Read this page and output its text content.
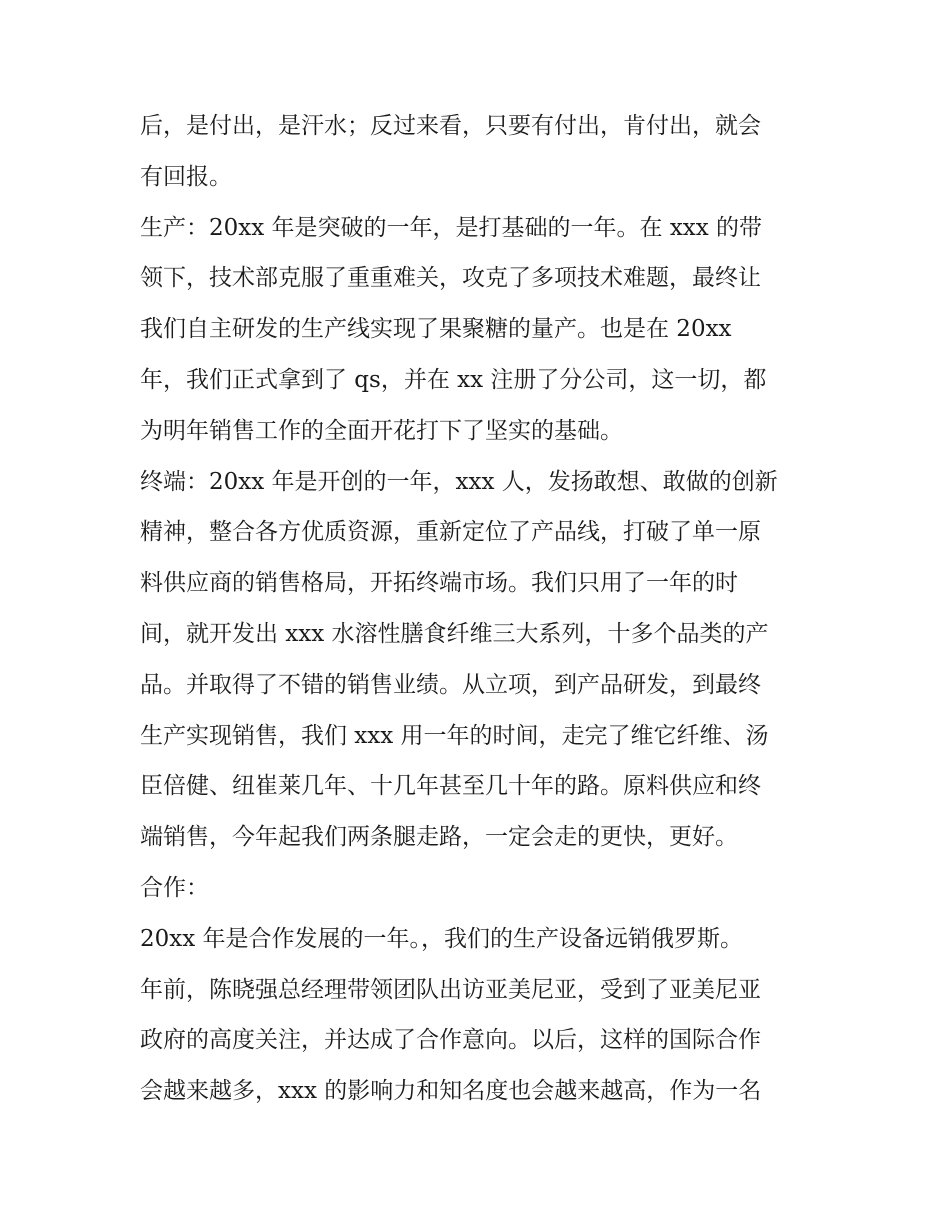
后，是付出，是汗水；反过来看，只要有付出，肯付出，就会
有回报。
生产：20xx 年是突破的一年，是打基础的一年。在 xxx 的带
领下，技术部克服了重重难关，攻克了多项技术难题，最终让
我们自主研发的生产线实现了果聚糖的量产。也是在 20xx
年，我们正式拿到了 qs，并在 xx 注册了分公司，这一切，都
为明年销售工作的全面开花打下了坚实的基础。
终端：20xx 年是开创的一年，xxx 人，发扬敢想、敢做的创新
精神，整合各方优质资源，重新定位了产品线，打破了单一原
料供应商的销售格局，开拓终端市场。我们只用了一年的时
间，就开发出 xxx 水溶性膳食纤维三大系列，十多个品类的产
品。并取得了不错的销售业绩。从立项，到产品研发，到最终
生产实现销售，我们 xxx 用一年的时间，走完了维它纤维、汤
臣倍健、纽崔莱几年、十几年甚至几十年的路。原料供应和终
端销售，今年起我们两条腿走路，一定会走的更快，更好。
合作：
20xx 年是合作发展的一年。，我们的生产设备远销俄罗斯。
年前，陈晓强总经理带领团队出访亚美尼亚，受到了亚美尼亚
政府的高度关注，并达成了合作意向。以后，这样的国际合作
会越来越多，xxx 的影响力和知名度也会越来越高，作为一名
